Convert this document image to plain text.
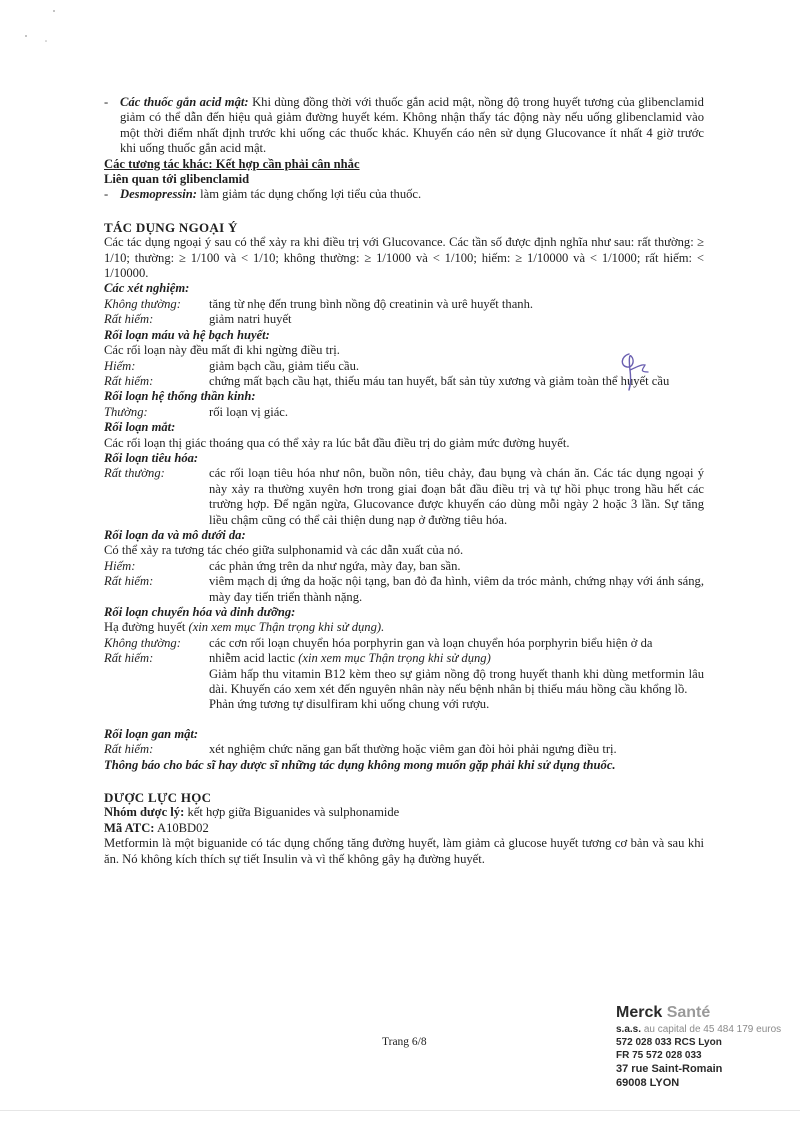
- Các thuốc gắn acid mật: Khi dùng đồng thời với thuốc gắn acid mật, nồng độ trong huyết tương của glibenclamid giảm có thể dẫn đến hiệu quả giảm đường huyết kém. Không nhận thấy tác động này nếu uống glibenclamid vào một thời điểm nhất định trước khi uống các thuốc khác. Khuyến cáo nên sử dụng Glucovance ít nhất 4 giờ trước khi uống thuốc gắn acid mật.

Các tương tác khác: Kết hợp cần phải cân nhắc

Liên quan tới glibenclamid

- Desmopressin: làm giảm tác dụng chống lợi tiểu của thuốc.

TÁC DỤNG NGOẠI Ý

Các tác dụng ngoại ý sau có thể xảy ra khi điều trị với Glucovance. Các tần số được định nghĩa như sau: rất thường: ≥ 1/10; thường: ≥ 1/100 và < 1/10; không thường: ≥ 1/1000 và < 1/100; hiếm: ≥ 1/10000 và < 1/1000; rất hiếm: < 1/10000.

Các xét nghiệm:

Không thường:	tăng từ nhẹ đến trung bình nồng độ creatinin và urê huyết thanh.
Rất hiếm:	giảm natri huyết

Rối loạn máu và hệ bạch huyết:

Các rối loạn này đều mất đi khi ngừng điều trị.

Hiếm:	giảm bạch cầu, giảm tiểu cầu.
Rất hiếm:	chứng mất bạch cầu hạt, thiếu máu tan huyết, bất sản tủy xương và giảm toàn thể huyết cầu

Rối loạn hệ thống thần kinh:

Thường:	rối loạn vị giác.

Rối loạn mắt:

Các rối loạn thị giác thoáng qua có thể xảy ra lúc bắt đầu điều trị do giảm mức đường huyết.

Rối loạn tiêu hóa:

Rất thường:	các rối loạn tiêu hóa như nôn, buồn nôn, tiêu chảy, đau bụng và chán ăn. Các tác dụng ngoại ý này xảy ra thường xuyên hơn trong giai đoạn bắt đầu điều trị và tự hồi phục trong hầu hết các trường hợp. Để ngăn ngừa, Glucovance được khuyến cáo dùng mỗi ngày 2 hoặc 3 lần. Sự tăng liều chậm cũng có thể cải thiện dung nạp ở đường tiêu hóa.

Rối loạn da và mô dưới da:

Có thể xảy ra tương tác chéo giữa sulphonamid và các dẫn xuất của nó.

Hiếm:	các phản ứng trên da như ngứa, mày đay, ban sần.
Rất hiếm:	viêm mạch dị ứng da hoặc nội tạng, ban đỏ đa hình, viêm da tróc mảnh, chứng nhạy với ánh sáng, mày đay tiến triển thành nặng.

Rối loạn chuyển hóa và dinh dưỡng:

Hạ đường huyết (xin xem mục Thận trọng khi sử dụng).

Không thường:	các cơn rối loạn chuyển hóa porphyrin gan và loạn chuyển hóa porphyrin biểu hiện ở da
Rất hiếm:	nhiễm acid lactic (xin xem mục Thận trọng khi sử dụng)

Giảm hấp thu vitamin B12 kèm theo sự giảm nồng độ trong huyết thanh khi dùng metformin lâu dài. Khuyến cáo xem xét đến nguyên nhân này nếu bệnh nhân bị thiếu máu hồng cầu khổng lồ.

Phản ứng tương tự disulfiram khi uống chung với rượu.

Rối loạn gan mật:

Rất hiếm:	xét nghiệm chức năng gan bất thường hoặc viêm gan đòi hỏi phải ngưng điều trị.

Thông báo cho bác sĩ hay dược sĩ những tác dụng không mong muốn gặp phải khi sử dụng thuốc.

DƯỢC LỰC HỌC

Nhóm dược lý: kết hợp giữa Biguanides và sulphonamide

Mã ATC: A10BD02

Metformin là một biguanide có tác dụng chống tăng đường huyết, làm giảm cả glucose huyết tương cơ bản và sau khi ăn. Nó không kích thích sự tiết Insulin và vì thế không gây hạ đường huyết.

Trang 6/8
Merck Santé
s.a.s. au capital de 45 484 179 euros
572 028 033 RCS Lyon
FR 75 572 028 033
37 rue Saint-Romain
69008 LYON
